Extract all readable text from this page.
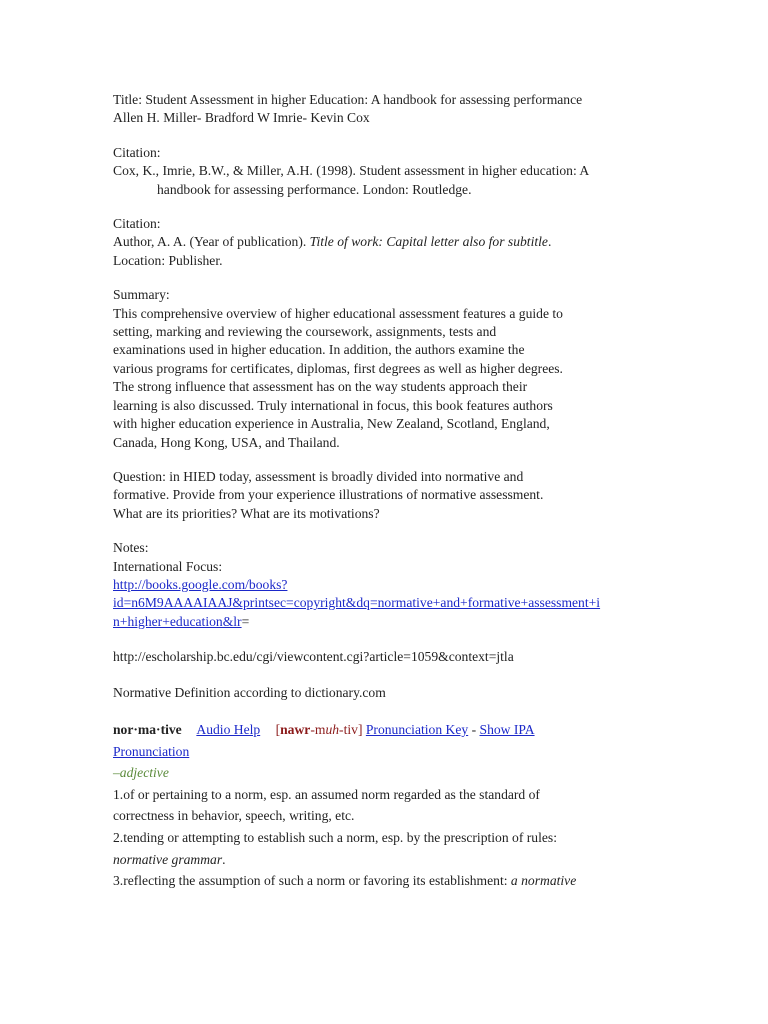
Title: Student Assessment in higher Education: A handbook for assessing performance

Allen H. Miller- Bradford W Imrie- Kevin Cox

Citation:

Cox, K., Imrie, B.W., & Miller, A.H. (1998). Student assessment in higher education: A

handbook for assessing performance. London: Routledge.

Citation:

Author, A. A. (Year of publication). Title of work: Capital letter also for subtitle.

Location: Publisher.

Summary:

This comprehensive overview of higher educational assessment features a guide to

setting, marking and reviewing the coursework, assignments, tests and

examinations used in higher education. In addition, the authors examine the

various programs for certificates, diplomas, first degrees as well as higher degrees.

The strong influence that assessment has on the way students approach their

learning is also discussed. Truly international in focus, this book features authors

with higher education experience in Australia, New Zealand, Scotland, England,

Canada, Hong Kong, USA, and Thailand.

Question: in HIED today, assessment is broadly divided into normative and

formative. Provide from your experience illustrations of normative assessment.

What are its priorities? What are its motivations?

Notes:

International Focus:

http://books.google.com/books?

id=n6M9AAAAIAAJ&printsec=copyright&dq=normative+and+formative+assessment+i

n+higher+education&lr=

http://escholarship.bc.edu/cgi/viewcontent.cgi?article=1059&context=jtla

Normative Definition according to dictionary.com

nor·ma·tive Audio Help [nawr-muh-tiv] Pronunciation Key - Show IPA
Pronunciation
–adjective
1.of or pertaining to a norm, esp. an assumed norm regarded as the standard of
correctness in behavior, speech, writing, etc.
2.tending or attempting to establish such a norm, esp. by the prescription of rules:
normative grammar.
3.reflecting the assumption of such a norm or favoring its establishment: a normative
